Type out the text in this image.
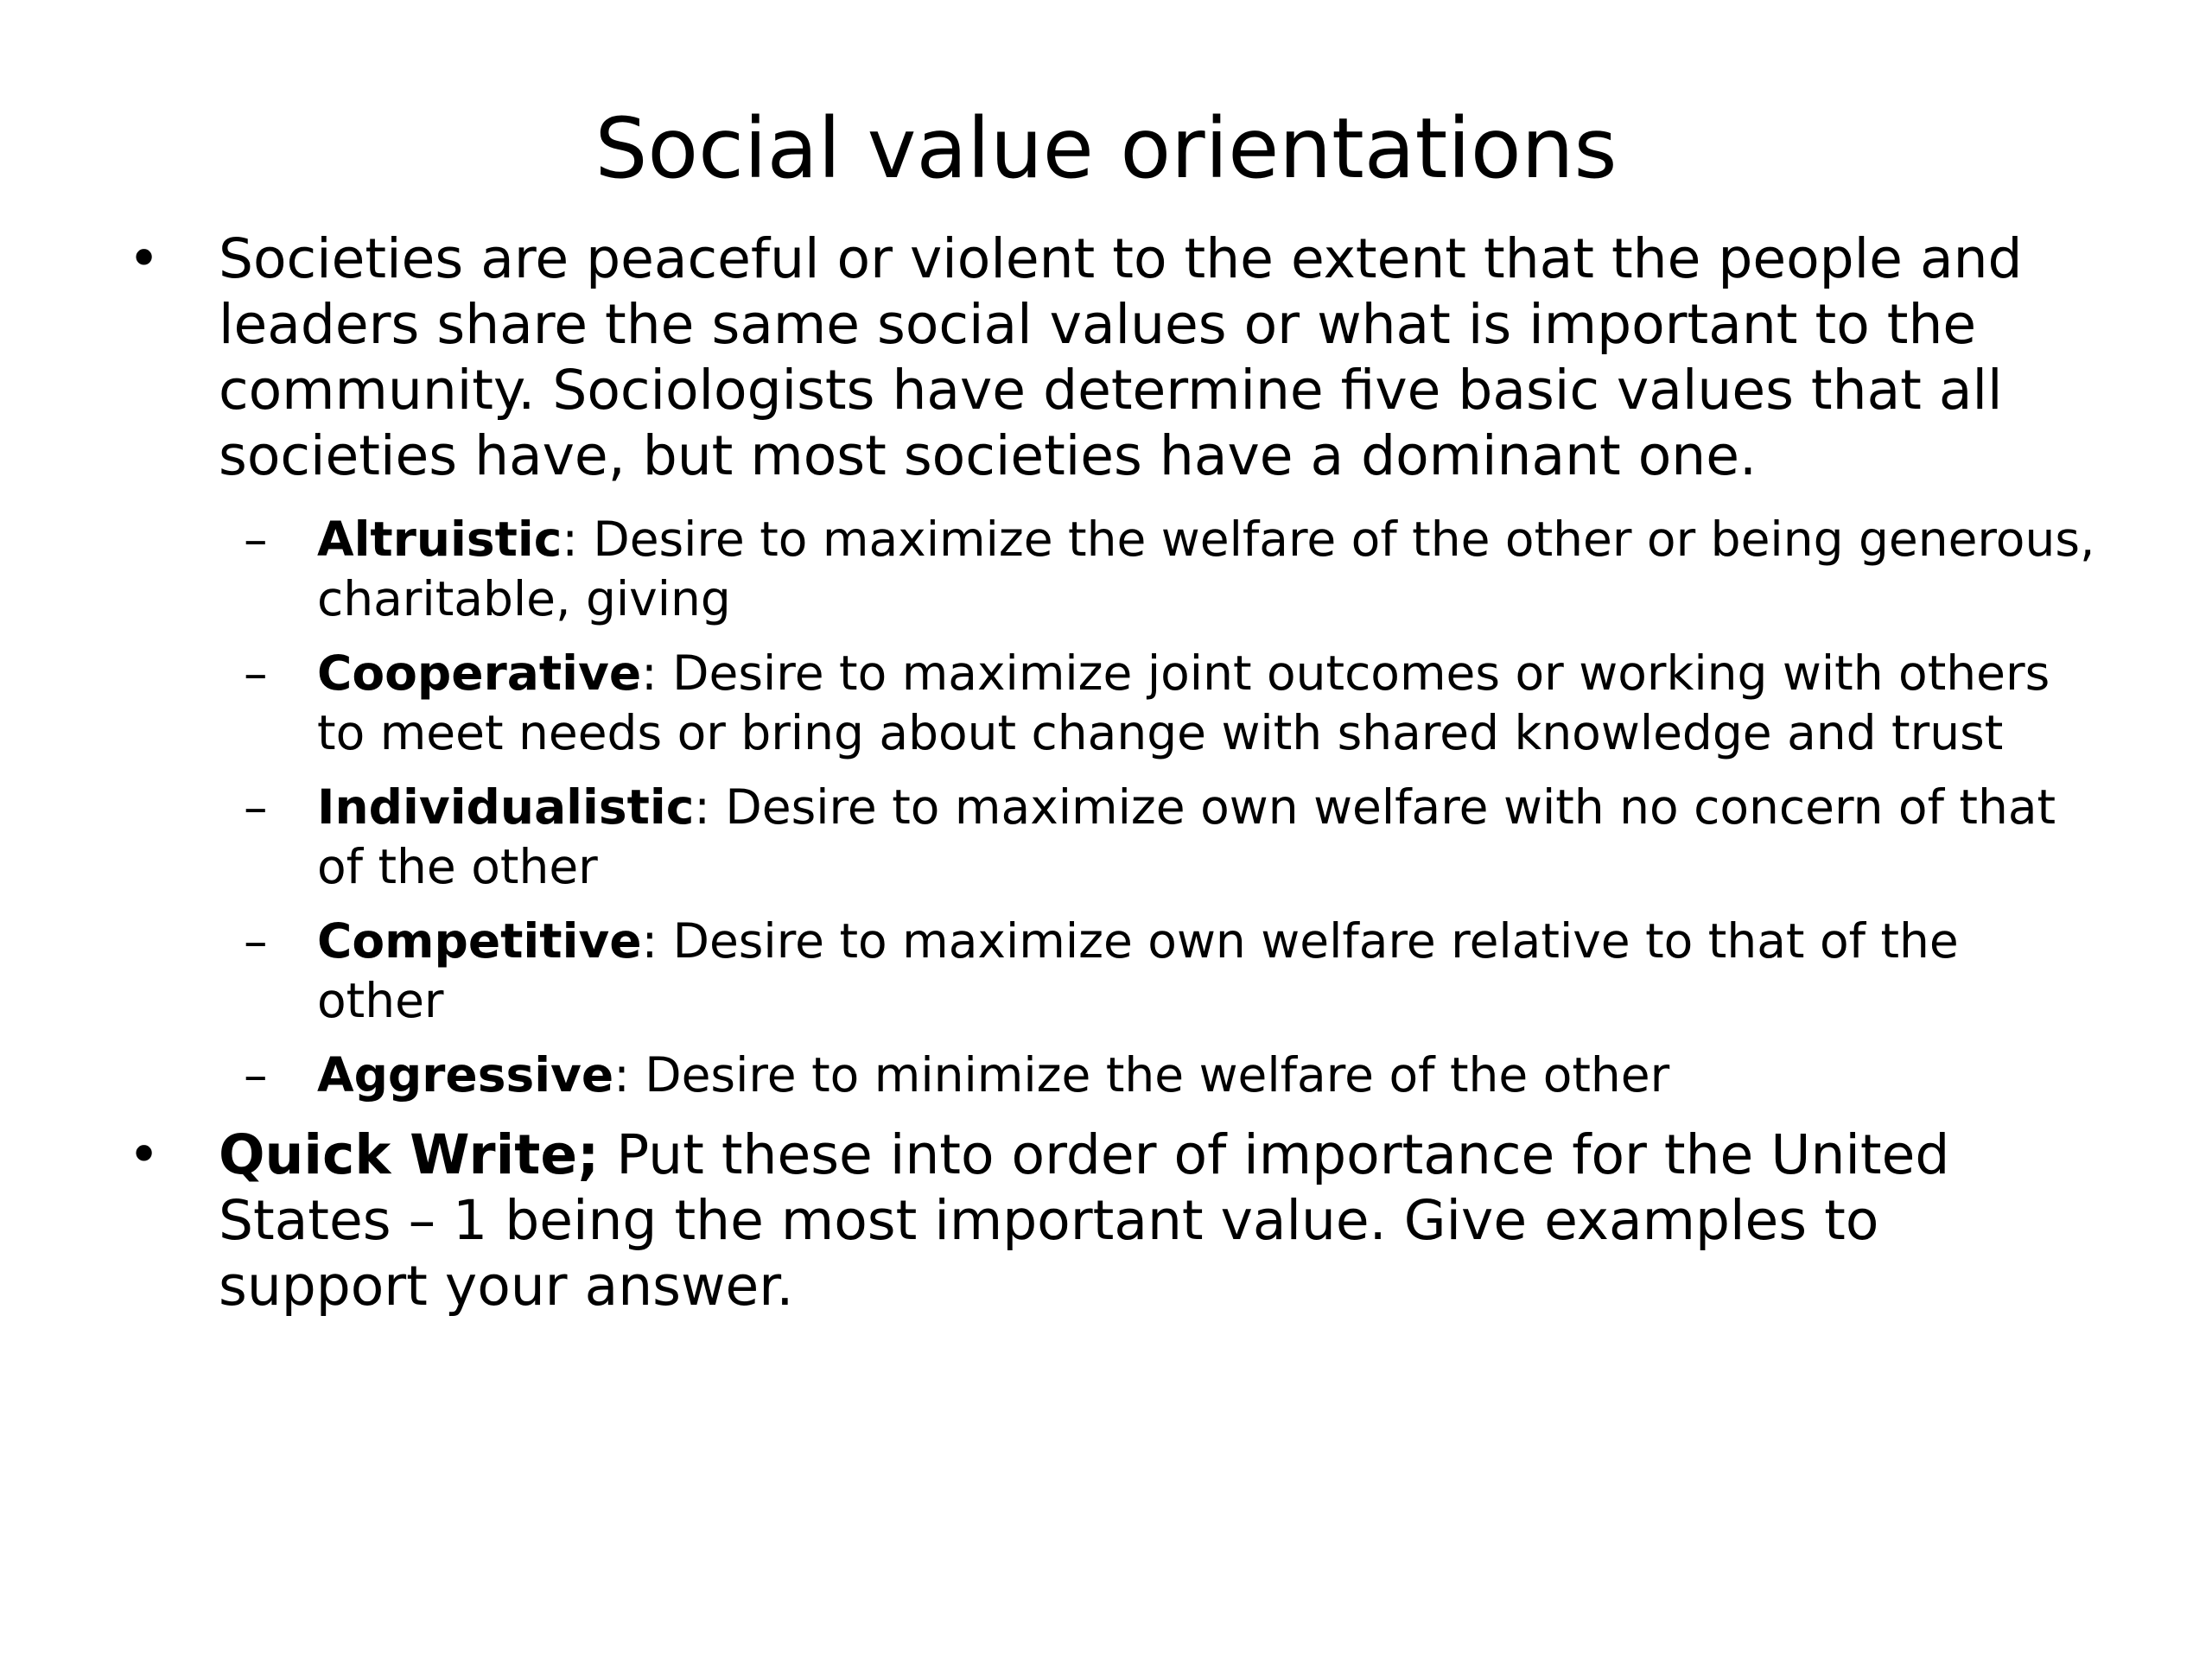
Social value orientations
• Societies are peaceful or violent to the extent that the people and leaders share the same social values or what is important to the community. Sociologists have determine five basic values that all societies have, but most societies have a dominant one.
– Altruistic: Desire to maximize the welfare of the other or being generous, charitable, giving
– Cooperative: Desire to maximize joint outcomes or working with others to meet needs or bring about change with shared knowledge and trust
– Individualistic: Desire to maximize own welfare with no concern of that of the other
– Competitive: Desire to maximize own welfare relative to that of the other
– Aggressive: Desire to minimize the welfare of the other
• Quick Write; Put these into order of importance for the United States – 1 being the most important value. Give examples to support your answer.
